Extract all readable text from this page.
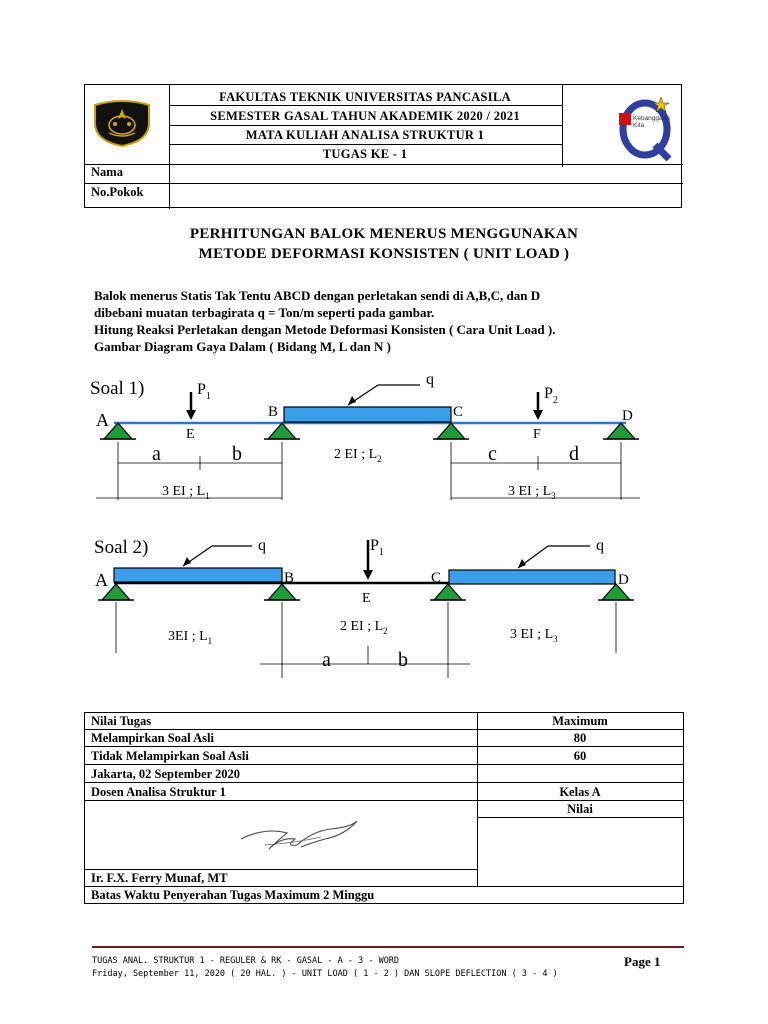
FAKULTAS TEKNIK UNIVERSITAS PANCASILA
SEMESTER GASAL TAHUN AKADEMIK 2020 / 2021
MATA KULIAH ANALISA STRUKTUR 1
TUGAS KE - 1
Nama
No.Pokok
Kebanggaan Kita
PERHITUNGAN BALOK MENERUS MENGGUNAKAN
METODE DEFORMASI KONSISTEN ( UNIT LOAD )
Balok menerus Statis Tak Tentu ABCD dengan perletakan sendi di A,B,C, dan D
dibebani muatan terbagirata q = Ton/m seperti pada gambar.
Hitung Reaksi Perletakan dengan Metode Deformasi Konsisten ( Cara Unit Load ).
Gambar Diagram Gaya Dalam ( Bidang M, L dan N )
Soal 1)	q
$P_1$	$P_2$
A	B	C	D
E	F
a	b	c	d
2 EI ; $L_2$
3 EI ; $L_1$	3 EI ; $L_3$
Soal 2)	q	q
$P_1$
A	B	C	D
E
3EI ; $L_1$
2 EI ; $L_2$	3 EI ; $L_3$
a	b
Nilai Tugas	Maximum
Melampirkan Soal Asli	80
Tidak Melampirkan Soal Asli	60
Jakarta, 02 September 2020
Dosen Analisa Struktur 1	Kelas A
Nilai
Ir. F.X. Ferry Munaf, MT
Batas Waktu Penyerahan Tugas Maximum 2 Minggu
TUGAS ANAL. STRUKTUR 1 - REGULER & RK - GASAL - A - 3 - WORD
Friday, September 11, 2020 ( 20 HAL. ) - UNIT LOAD ( 1 - 2 ) DAN SLOPE DEFLECTION ( 3 - 4 )
Page 1
